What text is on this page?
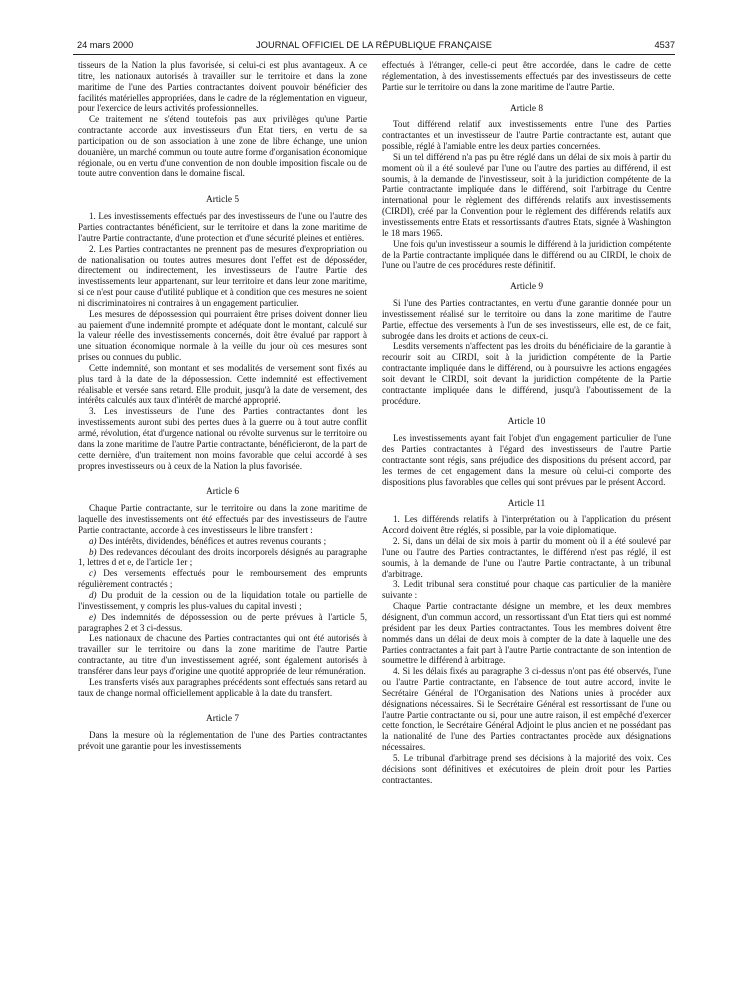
24 mars 2000	JOURNAL OFFICIEL DE LA RÉPUBLIQUE FRANÇAISE	4537

tisseurs de la Nation la plus favorisée, si celui-ci est plus avantageux. A ce titre, les nationaux autorisés à travailler sur le territoire et dans la zone maritime de l'une des Parties contractantes doivent pouvoir bénéficier des facilités matérielles appropriées, dans le cadre de la réglementation en vigueur, pour l'exercice de leurs activités professionnelles.

Ce traitement ne s'étend toutefois pas aux privilèges qu'une Partie contractante accorde aux investisseurs d'un Etat tiers, en vertu de sa participation ou de son association à une zone de libre échange, une union douanière, un marché commun ou toute autre forme d'organisation économique régionale, ou en vertu d'une convention de non double imposition fiscale ou de toute autre convention dans le domaine fiscal.

Article 5

1. Les investissements effectués par des investisseurs de l'une ou l'autre des Parties contractantes bénéficient, sur le territoire et dans la zone maritime de l'autre Partie contractante, d'une protection et d'une sécurité pleines et entières.

2. Les Parties contractantes ne prennent pas de mesures d'expropriation ou de nationalisation ou toutes autres mesures dont l'effet est de déposséder, directement ou indirectement, les investisseurs de l'autre Partie des investissements leur appartenant, sur leur territoire et dans leur zone maritime, si ce n'est pour cause d'utilité publique et à condition que ces mesures ne soient ni discriminatoires ni contraires à un engagement particulier.

Les mesures de dépossession qui pourraient être prises doivent donner lieu au paiement d'une indemnité prompte et adéquate dont le montant, calculé sur la valeur réelle des investissements concernés, doit être évalué par rapport à une situation économique normale à la veille du jour où ces mesures sont prises ou connues du public.

Cette indemnité, son montant et ses modalités de versement sont fixés au plus tard à la date de la dépossession. Cette indemnité est effectivement réalisable et versée sans retard. Elle produit, jusqu'à la date de versement, des intérêts calculés aux taux d'intérêt de marché approprié.

3. Les investisseurs de l'une des Parties contractantes dont les investissements auront subi des pertes dues à la guerre ou à tout autre conflit armé, révolution, état d'urgence national ou révolte survenus sur le territoire ou dans la zone maritime de l'autre Partie contractante, bénéficieront, de la part de cette dernière, d'un traitement non moins favorable que celui accordé à ses propres investisseurs ou à ceux de la Nation la plus favorisée.

Article 6

Chaque Partie contractante, sur le territoire ou dans la zone maritime de laquelle des investissements ont été effectués par des investisseurs de l'autre Partie contractante, accorde à ces investisseurs le libre transfert :

a) Des intérêts, dividendes, bénéfices et autres revenus courants ;

b) Des redevances découlant des droits incorporels désignés au paragraphe 1, lettres d et e, de l'article 1er ;

c) Des versements effectués pour le remboursement des emprunts régulièrement contractés ;

d) Du produit de la cession ou de la liquidation totale ou partielle de l'investissement, y compris les plus-values du capital investi ;

e) Des indemnités de dépossession ou de perte prévues à l'article 5, paragraphes 2 et 3 ci-dessus.

Les nationaux de chacune des Parties contractantes qui ont été autorisés à travailler sur le territoire ou dans la zone maritime de l'autre Partie contractante, au titre d'un investissement agréé, sont également autorisés à transférer dans leur pays d'origine une quotité appropriée de leur rémunération.

Les transferts visés aux paragraphes précédents sont effectués sans retard au taux de change normal officiellement applicable à la date du transfert.

Article 7

Dans la mesure où la réglementation de l'une des Parties contractantes prévoit une garantie pour les investissements

effectués à l'étranger, celle-ci peut être accordée, dans le cadre de cette réglementation, à des investissements effectués par des investisseurs de cette Partie sur le territoire ou dans la zone maritime de l'autre Partie.

Article 8

Tout différend relatif aux investissements entre l'une des Parties contractantes et un investisseur de l'autre Partie contractante est, autant que possible, réglé à l'amiable entre les deux parties concernées.

Si un tel différend n'a pas pu être réglé dans un délai de six mois à partir du moment où il a été soulevé par l'une ou l'autre des parties au différend, il est soumis, à la demande de l'investisseur, soit à la juridiction compétente de la Partie contractante impliquée dans le différend, soit l'arbitrage du Centre international pour le règlement des différends relatifs aux investissements (CIRDI), créé par la Convention pour le règlement des différends relatifs aux investissements entre Etats et ressortissants d'autres Etats, signée à Washington le 18 mars 1965.

Une fois qu'un investisseur a soumis le différend à la juridiction compétente de la Partie contractante impliquée dans le différend ou au CIRDI, le choix de l'une ou l'autre de ces procédures reste définitif.

Article 9

Si l'une des Parties contractantes, en vertu d'une garantie donnée pour un investissement réalisé sur le territoire ou dans la zone maritime de l'autre Partie, effectue des versements à l'un de ses investisseurs, elle est, de ce fait, subrogée dans les droits et actions de ceux-ci.

Lesdits versements n'affectent pas les droits du bénéficiaire de la garantie à recourir soit au CIRDI, soit à la juridiction compétente de la Partie contractante impliquée dans le différend, ou à poursuivre les actions engagées soit devant le CIRDI, soit devant la juridiction compétente de la Partie contractante impliquée dans le différend, jusqu'à l'aboutissement de la procédure.

Article 10

Les investissements ayant fait l'objet d'un engagement particulier de l'une des Parties contractantes à l'égard des investisseurs de l'autre Partie contractante sont régis, sans préjudice des dispositions du présent accord, par les termes de cet engagement dans la mesure où celui-ci comporte des dispositions plus favorables que celles qui sont prévues par le présent Accord.

Article 11

1. Les différends relatifs à l'interprétation ou à l'application du présent Accord doivent être réglés, si possible, par la voie diplomatique.

2. Si, dans un délai de six mois à partir du moment où il a été soulevé par l'une ou l'autre des Parties contractantes, le différend n'est pas réglé, il est soumis, à la demande de l'une ou l'autre Partie contractante, à un tribunal d'arbitrage.

3. Ledit tribunal sera constitué pour chaque cas particulier de la manière suivante :

Chaque Partie contractante désigne un membre, et les deux membres désignent, d'un commun accord, un ressortissant d'un Etat tiers qui est nommé président par les deux Parties contractantes. Tous les membres doivent être nommés dans un délai de deux mois à compter de la date à laquelle une des Parties contractantes a fait part à l'autre Partie contractante de son intention de soumettre le différend à arbitrage.

4. Si les délais fixés au paragraphe 3 ci-dessus n'ont pas été observés, l'une ou l'autre Partie contractante, en l'absence de tout autre accord, invite le Secrétaire Général de l'Organisation des Nations unies à procéder aux désignations nécessaires. Si le Secrétaire Général est ressortissant de l'une ou l'autre Partie contractante ou si, pour une autre raison, il est empêché d'exercer cette fonction, le Secrétaire Général Adjoint le plus ancien et ne possédant pas la nationalité de l'une des Parties contractantes procède aux désignations nécessaires.

5. Le tribunal d'arbitrage prend ses décisions à la majorité des voix. Ces décisions sont définitives et exécutoires de plein droit pour les Parties contractantes.
